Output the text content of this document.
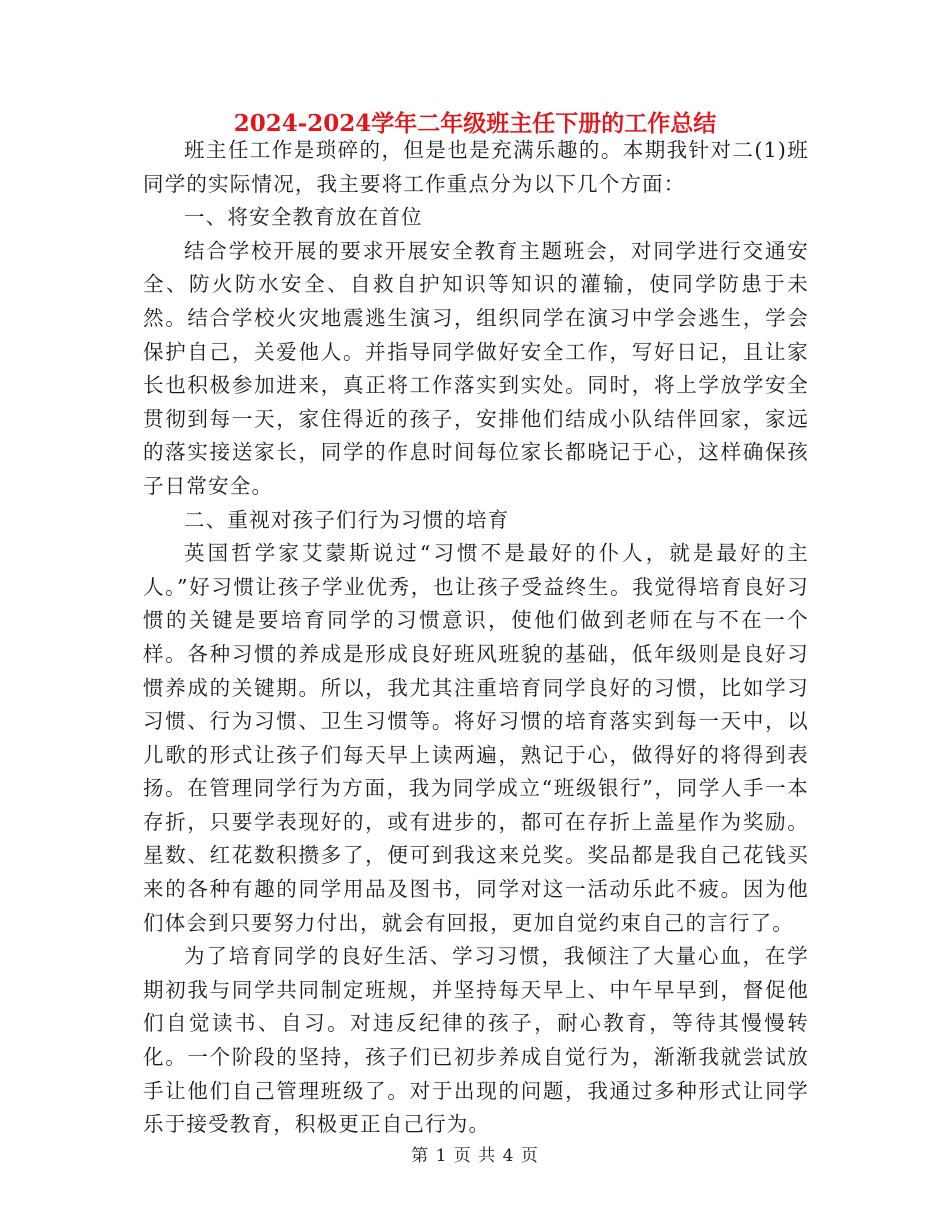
2024-2024学年二年级班主任下册的工作总结

班主任工作是琐碎的，但是也是充满乐趣的。本期我针对二(1)班同学的实际情况，我主要将工作重点分为以下几个方面：

一、将安全教育放在首位

结合学校开展的要求开展安全教育主题班会，对同学进行交通安全、防火防水安全、自救自护知识等知识的灌输，使同学防患于未然。结合学校火灾地震逃生演习，组织同学在演习中学会逃生，学会保护自己，关爱他人。并指导同学做好安全工作，写好日记，且让家长也积极参加进来，真正将工作落实到实处。同时，将上学放学安全贯彻到每一天，家住得近的孩子，安排他们结成小队结伴回家，家远的落实接送家长，同学的作息时间每位家长都晓记于心，这样确保孩子日常安全。

二、重视对孩子们行为习惯的培育

英国哲学家艾蒙斯说过“习惯不是最好的仆人，就是最好的主人。”好习惯让孩子学业优秀，也让孩子受益终生。我觉得培育良好习惯的关键是要培育同学的习惯意识，使他们做到老师在与不在一个样。各种习惯的养成是形成良好班风班貌的基础，低年级则是良好习惯养成的关键期。所以，我尤其注重培育同学良好的习惯，比如学习习惯、行为习惯、卫生习惯等。将好习惯的培育落实到每一天中，以儿歌的形式让孩子们每天早上读两遍，熟记于心，做得好的将得到表扬。在管理同学行为方面，我为同学成立“班级银行”，同学人手一本存折，只要学表现好的，或有进步的，都可在存折上盖星作为奖励。星数、红花数积攒多了，便可到我这来兑奖。奖品都是我自己花钱买来的各种有趣的同学用品及图书，同学对这一活动乐此不疲。因为他们体会到只要努力付出，就会有回报，更加自觉约束自己的言行了。

为了培育同学的良好生活、学习习惯，我倾注了大量心血，在学期初我与同学共同制定班规，并坚持每天早上、中午早早到，督促他们自觉读书、自习。对违反纪律的孩子，耐心教育，等待其慢慢转化。一个阶段的坚持，孩子们已初步养成自觉行为，渐渐我就尝试放手让他们自己管理班级了。对于出现的问题，我通过多种形式让同学乐于接受教育，积极更正自己行为。

第 1 页 共 4 页
